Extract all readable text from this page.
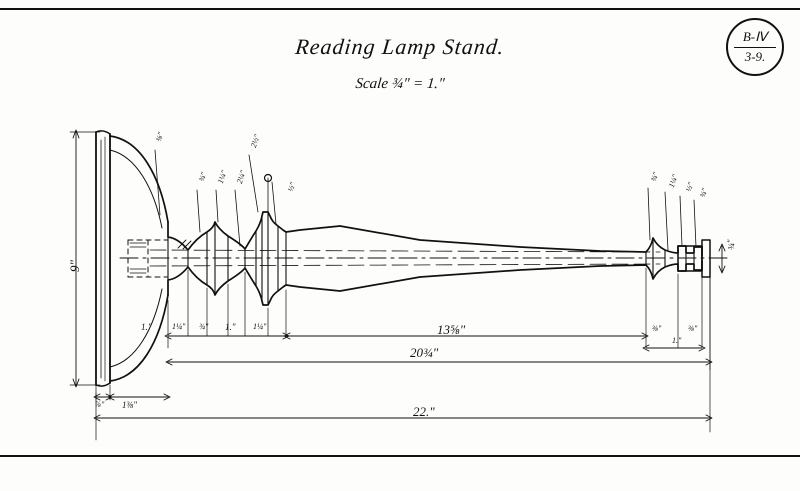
Reading Lamp Stand.
Scale ¾" = 1."
B-Ⅳ
3-9.
9"
⅞" 1⅜"
1."	1¼" ¾" 1." 1¼"	13⅝"	⅜"
1."
⅜"
¾"
20¾"
22."
⅜"
¾" 1¼" 2¼"
2½"
½"
¾" 1¼" ½"
¾"
